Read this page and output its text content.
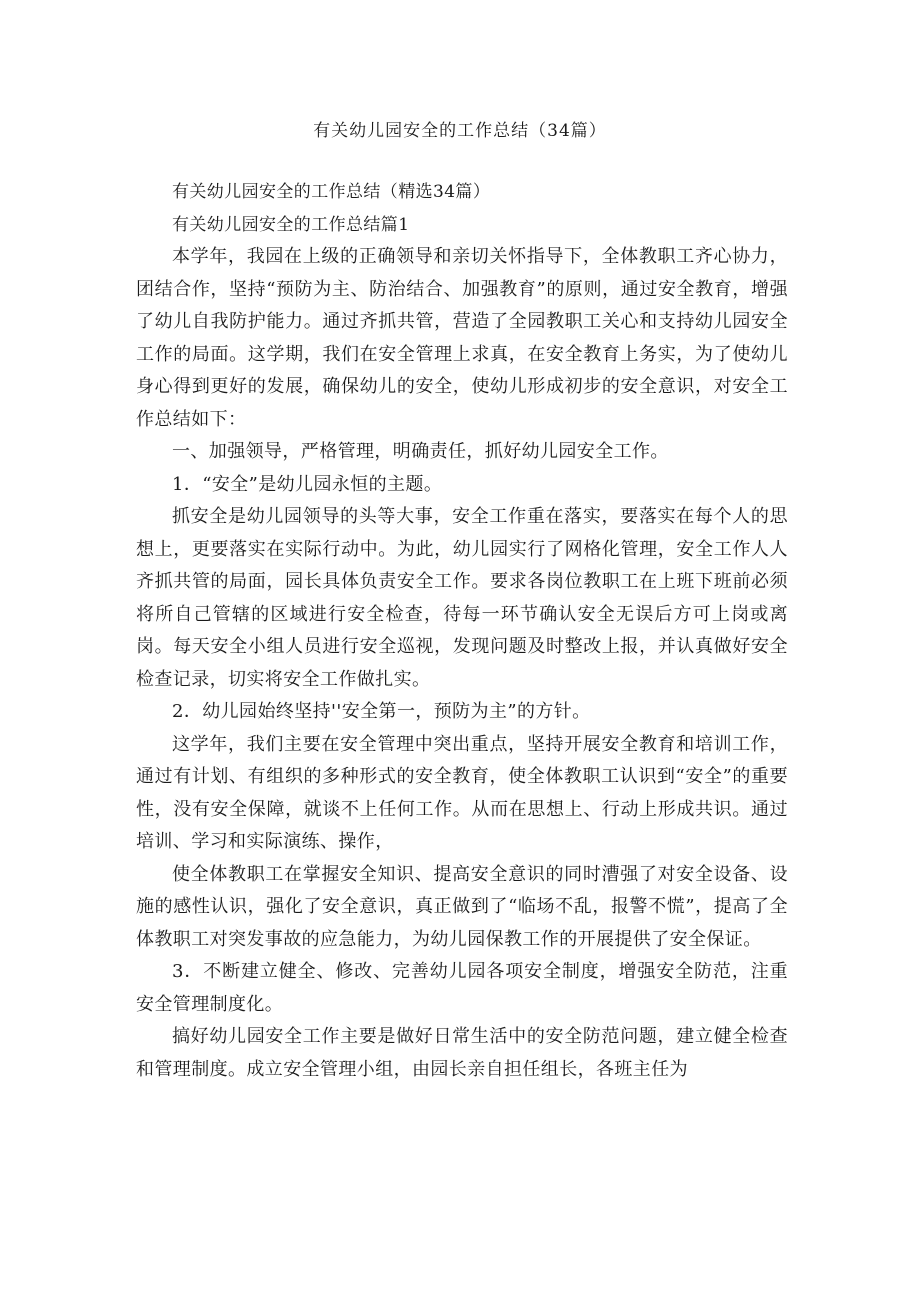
有关幼儿园安全的工作总结（34篇）

有关幼儿园安全的工作总结（精选34篇）

有关幼儿园安全的工作总结篇1

本学年，我园在上级的正确领导和亲切关怀指导下，全体教职工齐心协力，团结合作，坚持“预防为主、防治结合、加强教育”的原则，通过安全教育，增强了幼儿自我防护能力。通过齐抓共管，营造了全园教职工关心和支持幼儿园安全工作的局面。这学期，我们在安全管理上求真，在安全教育上务实，为了使幼儿身心得到更好的发展，确保幼儿的安全，使幼儿形成初步的安全意识，对安全工作总结如下：

一、加强领导，严格管理，明确责任，抓好幼儿园安全工作。

1．“安全”是幼儿园永恒的主题。

抓安全是幼儿园领导的头等大事，安全工作重在落实，要落实在每个人的思想上，更要落实在实际行动中。为此，幼儿园实行了网格化管理，安全工作人人齐抓共管的局面，园长具体负责安全工作。要求各岗位教职工在上班下班前必须将所自己管辖的区域进行安全检查，待每一环节确认安全无误后方可上岗或离岗。每天安全小组人员进行安全巡视，发现问题及时整改上报，并认真做好安全检查记录，切实将安全工作做扎实。

2．幼儿园始终坚持''安全第一，预防为主”的方针。

这学年，我们主要在安全管理中突出重点，坚持开展安全教育和培训工作，通过有计划、有组织的多种形式的安全教育，使全体教职工认识到“安全”的重要性，没有安全保障，就谈不上任何工作。从而在思想上、行动上形成共识。通过培训、学习和实际演练、操作，

使全体教职工在掌握安全知识、提高安全意识的同时漕强了对安全设备、设施的感性认识，强化了安全意识，真正做到了“临场不乱，报警不慌”，提高了全体教职工对突发事故的应急能力，为幼儿园保教工作的开展提供了安全保证。

3．不断建立健全、修改、完善幼儿园各项安全制度，增强安全防范，注重安全管理制度化。

搞好幼儿园安全工作主要是做好日常生活中的安全防范问题，建立健全检查和管理制度。成立安全管理小组，由园长亲自担任组长，各班主任为
